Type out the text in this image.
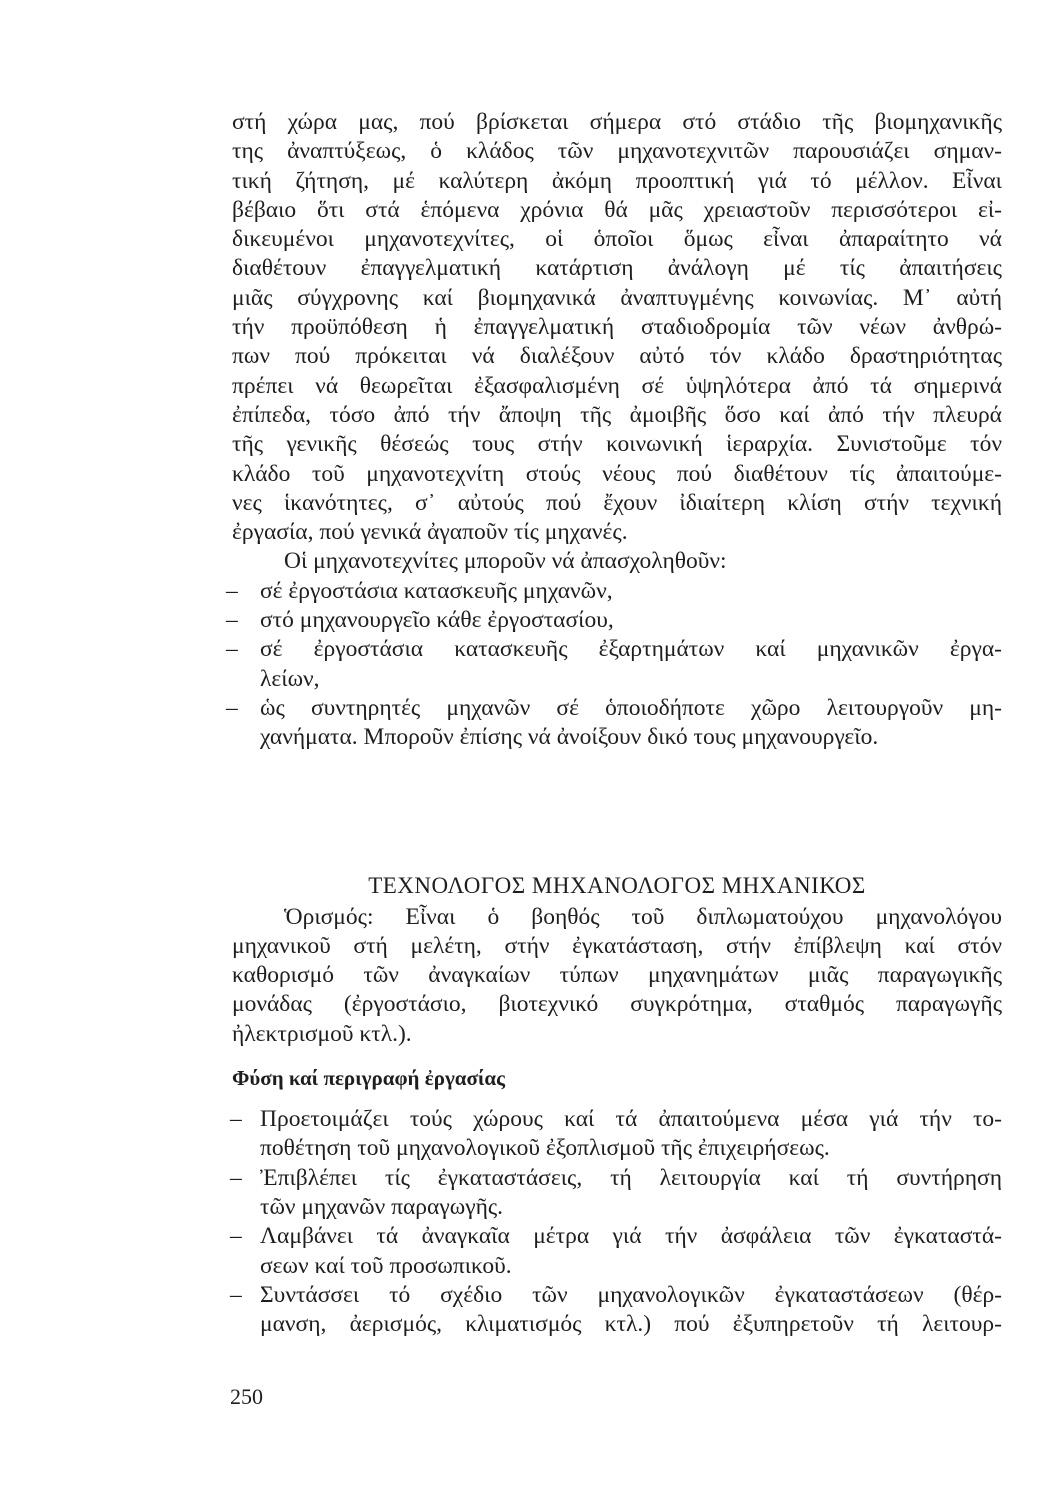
στή χώρα μας, πού βρίσκεται σήμερα στό στάδιο τῆς βιομηχανικῆς
της ἀναπτύξεως, ὁ κλάδος τῶν μηχανοτεχνιτῶν παρουσιάζει σημαν-
τική ζήτηση, μέ καλύτερη ἀκόμη προοπτική γιά τό μέλλον. Εἶναι
βέβαιο ὅτι στά ἑπόμενα χρόνια θά μᾶς χρειαστοῦν περισσότεροι εἰ-
δικευμένοι μηχανοτεχνίτες, οἱ ὁποῖοι ὅμως εἶναι ἀπαραίτητο νά
διαθέτουν ἐπαγγελματική κατάρτιση ἀνάλογη μέ τίς ἀπαιτήσεις
μιᾶς σύγχρονης καί βιομηχανικά ἀναπτυγμένης κοινωνίας. Μ᾽ αὐτή
τήν προϋπόθεση ἡ ἐπαγγελματική σταδιοδρομία τῶν νέων ἀνθρώ-
πων πού πρόκειται νά διαλέξουν αὐτό τόν κλάδο δραστηριότητας
πρέπει νά θεωρεῖται ἐξασφαλισμένη σέ ὑψηλότερα ἀπό τά σημερινά
ἐπίπεδα, τόσο ἀπό τήν ἄποψη τῆς ἀμοιβῆς ὅσο καί ἀπό τήν πλευρά
τῆς γενικῆς θέσεώς τους στήν κοινωνική ἱεραρχία. Συνιστοῦμε τόν
κλάδο τοῦ μηχανοτεχνίτη στούς νέους πού διαθέτουν τίς ἀπαιτούμε-
νες ἱκανότητες, σ᾽ αὐτούς πού ἔχουν ἰδιαίτερη κλίση στήν τεχνική
ἐργασία, πού γενικά ἀγαποῦν τίς μηχανές.
Οἱ μηχανοτεχνίτες μποροῦν νά ἀπασχοληθοῦν:
– σέ ἐργοστάσια κατασκευῆς μηχανῶν,
– στό μηχανουργεῖο κάθε ἐργοστασίου,
– σέ ἐργοστάσια κατασκευῆς ἐξαρτημάτων καί μηχανικῶν ἐργα-
λείων,
– ὡς συντηρητές μηχανῶν σέ ὁποιοδήποτε χῶρο λειτουργοῦν μη-
χανήματα. Μποροῦν ἐπίσης νά ἀνοίξουν δικό τους μηχανουργεῖο.
ΤΕΧΝΟΛΟΓΟΣ ΜΗΧΑΝΟΛΟΓΟΣ ΜΗΧΑΝΙΚΟΣ
Ὁρισμός: Εἶναι ὁ βοηθός τοῦ διπλωματούχου μηχανολόγου
μηχανικοῦ στή μελέτη, στήν ἐγκατάσταση, στήν ἐπίβλεψη καί στόν
καθορισμό τῶν ἀναγκαίων τύπων μηχανημάτων μιᾶς παραγωγικῆς
μονάδας (ἐργοστάσιο, βιοτεχνικό συγκρότημα, σταθμός παραγωγῆς
ἠλεκτρισμοῦ κτλ.).
Φύση καί περιγραφή ἐργασίας
– Προετοιμάζει τούς χώρους καί τά ἀπαιτούμενα μέσα γιά τήν το-
ποθέτηση τοῦ μηχανολογικοῦ ἐξοπλισμοῦ τῆς ἐπιχειρήσεως.
– Ἐπιβλέπει τίς ἐγκαταστάσεις, τή λειτουργία καί τή συντήρηση
τῶν μηχανῶν παραγωγῆς.
– Λαμβάνει τά ἀναγκαῖα μέτρα γιά τήν ἀσφάλεια τῶν ἐγκαταστά-
σεων καί τοῦ προσωπικοῦ.
– Συντάσσει τό σχέδιο τῶν μηχανολογικῶν ἐγκαταστάσεων (θέρ-
μανση, ἀερισμός, κλιματισμός κτλ.) πού ἐξυπηρετοῦν τή λειτουρ-
250
